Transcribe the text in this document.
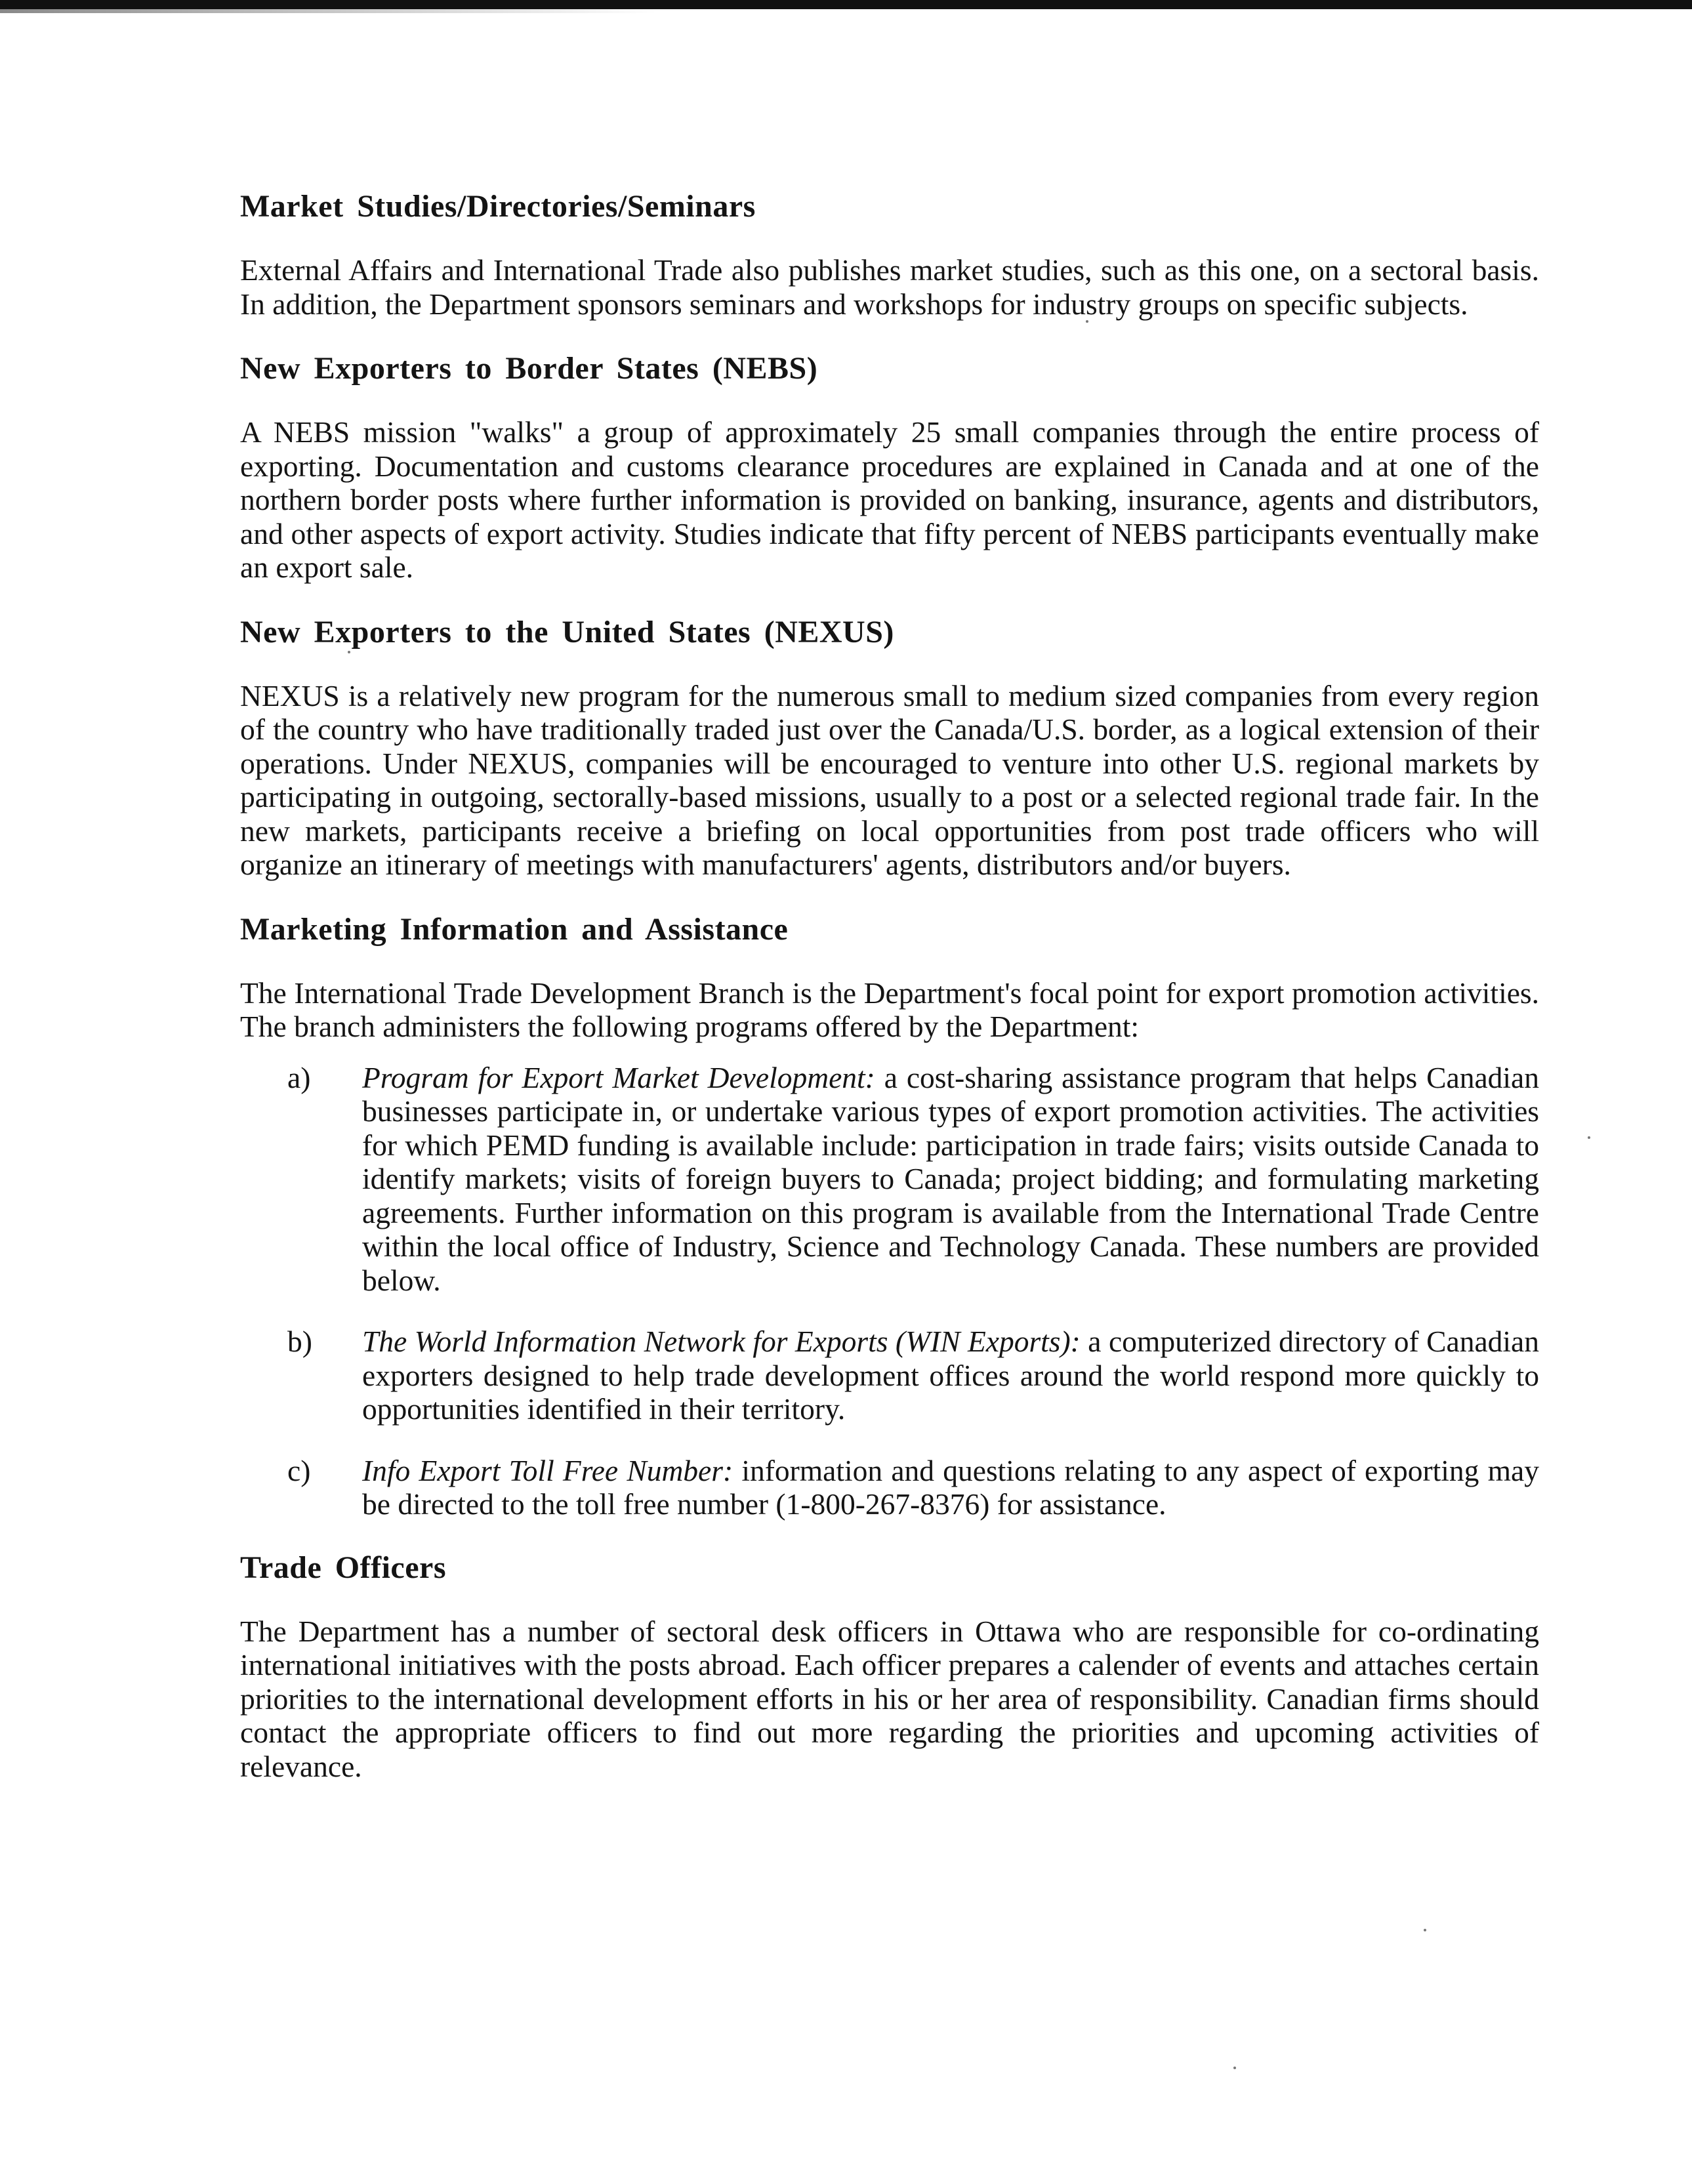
Market Studies/Directories/Seminars

External Affairs and International Trade also publishes market studies, such as this one, on a sectoral basis. In addition, the Department sponsors seminars and workshops for industry groups on specific subjects.

New Exporters to Border States (NEBS)

A NEBS mission "walks" a group of approximately 25 small companies through the entire process of exporting. Documentation and customs clearance procedures are explained in Canada and at one of the northern border posts where further information is provided on banking, insurance, agents and distributors, and other aspects of export activity. Studies indicate that fifty percent of NEBS participants eventually make an export sale.

New Exporters to the United States (NEXUS)

NEXUS is a relatively new program for the numerous small to medium sized companies from every region of the country who have traditionally traded just over the Canada/U.S. border, as a logical extension of their operations. Under NEXUS, companies will be encouraged to venture into other U.S. regional markets by participating in outgoing, sectorally-based missions, usually to a post or a selected regional trade fair. In the new markets, participants receive a briefing on local opportunities from post trade officers who will organize an itinerary of meetings with manufacturers' agents, distributors and/or buyers.

Marketing Information and Assistance

The International Trade Development Branch is the Department's focal point for export promotion activities. The branch administers the following programs offered by the Department:

a)	Program for Export Market Development: a cost-sharing assistance program that helps Canadian businesses participate in, or undertake various types of export promotion activities. The activities for which PEMD funding is available include: participation in trade fairs; visits outside Canada to identify markets; visits of foreign buyers to Canada; project bidding; and formulating marketing agreements. Further information on this program is available from the International Trade Centre within the local office of Industry, Science and Technology Canada. These numbers are provided below.
b)	The World Information Network for Exports (WIN Exports): a computerized directory of Canadian exporters designed to help trade development offices around the world respond more quickly to opportunities identified in their territory.
c)	Info Export Toll Free Number: information and questions relating to any aspect of exporting may be directed to the toll free number (1-800-267-8376) for assistance.
Trade Officers

The Department has a number of sectoral desk officers in Ottawa who are responsible for co-ordinating international initiatives with the posts abroad. Each officer prepares a calender of events and attaches certain priorities to the international development efforts in his or her area of responsibility. Canadian firms should contact the appropriate officers to find out more regarding the priorities and upcoming activities of relevance.
